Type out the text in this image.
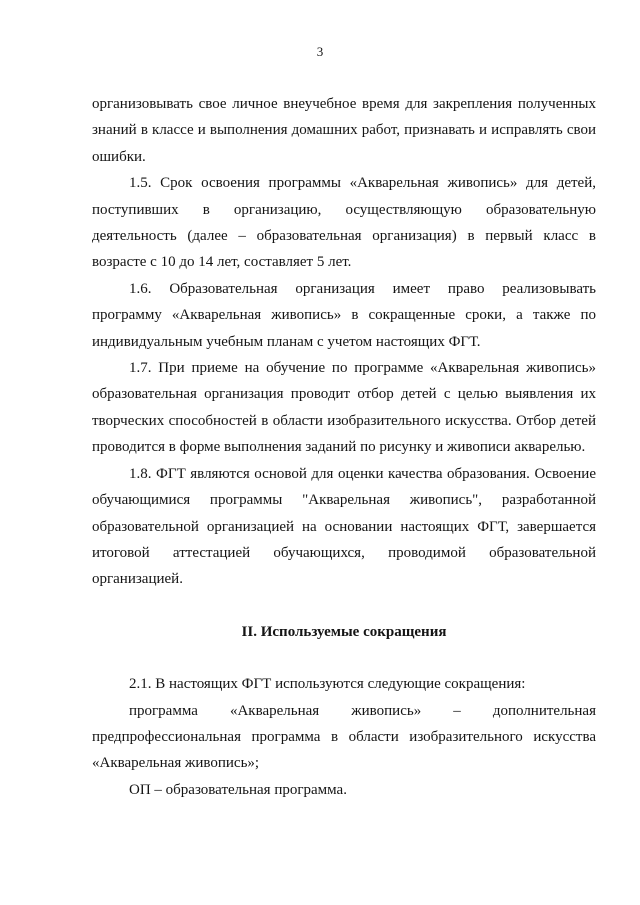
3

организовывать свое личное внеучебное время для закрепления полученных знаний в классе и выполнения домашних работ, признавать и исправлять свои ошибки.

1.5. Срок освоения программы «Акварельная живопись» для детей, поступивших в организацию, осуществляющую образовательную деятельность (далее – образовательная организация) в первый класс в возрасте с 10 до 14 лет, составляет 5 лет.

1.6. Образовательная организация имеет право реализовывать программу «Акварельная живопись» в сокращенные сроки, а также по индивидуальным учебным планам с учетом настоящих ФГТ.

1.7. При приеме на обучение по программе «Акварельная живопись» образовательная организация проводит отбор детей с целью выявления их творческих способностей в области изобразительного искусства. Отбор детей проводится в форме выполнения заданий по рисунку и живописи акварелью.

1.8. ФГТ являются основой для оценки качества образования. Освоение обучающимися программы "Акварельная живопись", разработанной образовательной организацией на основании настоящих ФГТ, завершается итоговой аттестацией обучающихся, проводимой образовательной организацией.

II. Используемые сокращения

2.1. В настоящих ФГТ используются следующие сокращения:

программа «Акварельная живопись» – дополнительная предпрофессиональная программа в области изобразительного искусства «Акварельная живопись»;

ОП – образовательная программа.
